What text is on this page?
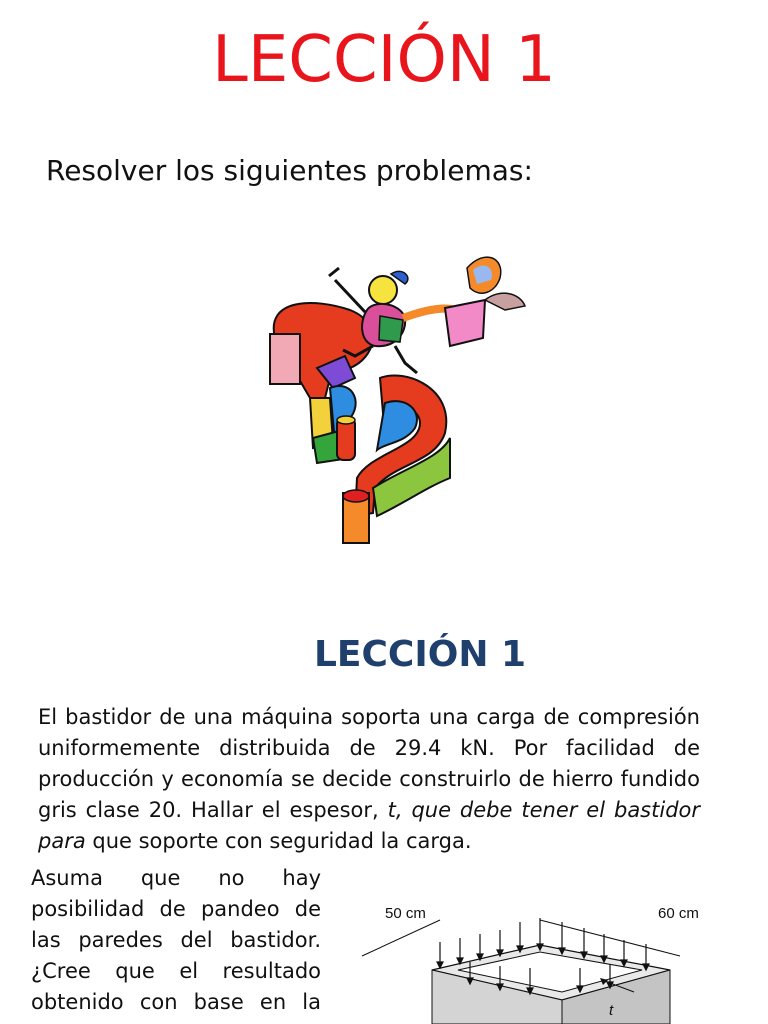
LECCIÓN 1

Resolver los siguientes problemas:

LECCIÓN 1

El bastidor de una máquina soporta una carga de compresión uniformemente distribuida de 29.4 kN. Por facilidad de producción y economía se decide construirlo de hierro fundido gris clase 20. Hallar el espesor, t, que debe tener el bastidor para que soporte con seguridad la carga.

Asuma que no hay
posibilidad de pandeo de
las paredes del bastidor.
¿Cree que el resultado
obtenido con base en la
50 cm	60 cm
t
